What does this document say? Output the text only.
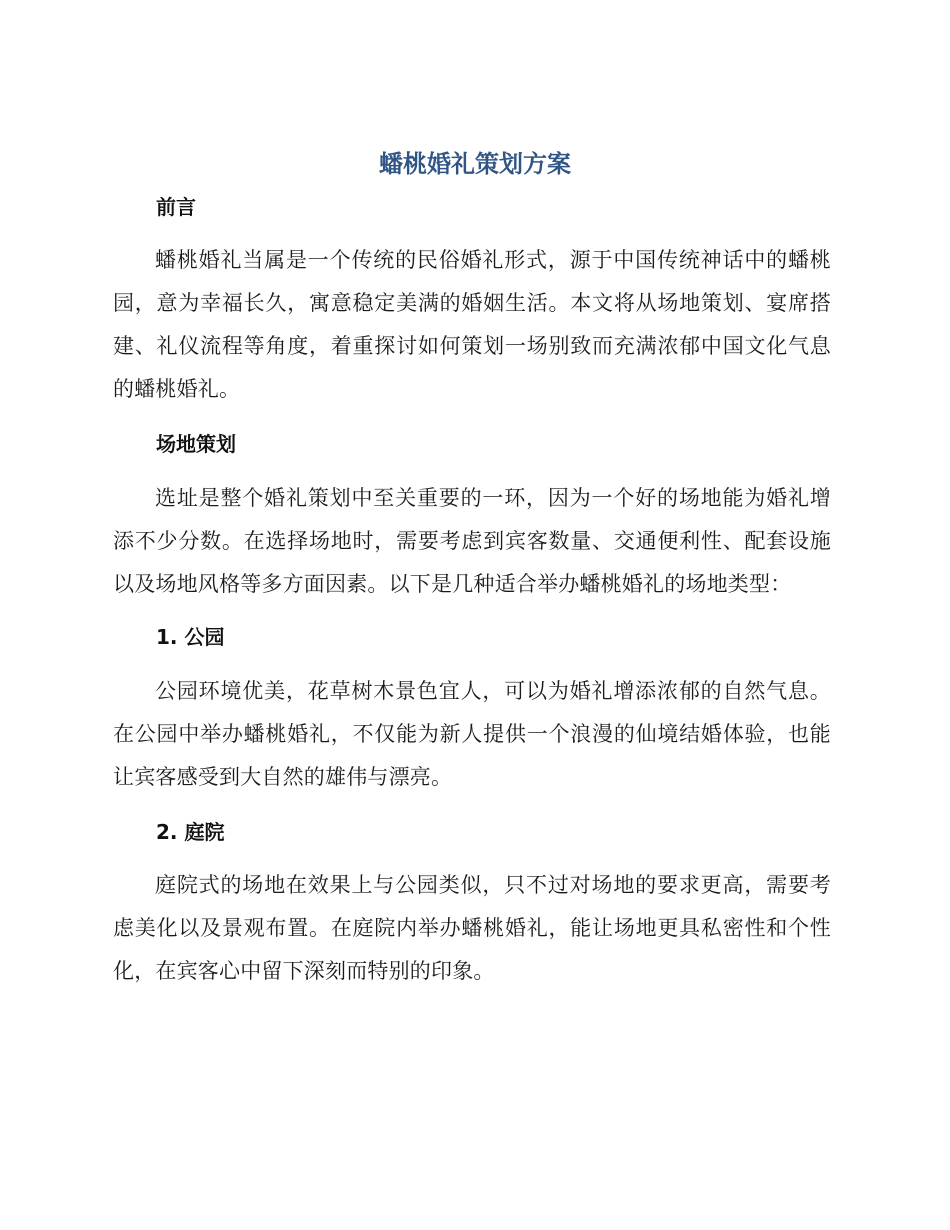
蟠桃婚礼策划方案
前言

蟠桃婚礼当属是一个传统的民俗婚礼形式，源于中国传统神话中的蟠桃园，意为幸福长久，寓意稳定美满的婚姻生活。本文将从场地策划、宴席搭建、礼仪流程等角度，着重探讨如何策划一场别致而充满浓郁中国文化气息的蟠桃婚礼。

场地策划

选址是整个婚礼策划中至关重要的一环，因为一个好的场地能为婚礼增添不少分数。在选择场地时，需要考虑到宾客数量、交通便利性、配套设施以及场地风格等多方面因素。以下是几种适合举办蟠桃婚礼的场地类型：

1. 公园

公园环境优美，花草树木景色宜人，可以为婚礼增添浓郁的自然气息。在公园中举办蟠桃婚礼，不仅能为新人提供一个浪漫的仙境结婚体验，也能让宾客感受到大自然的雄伟与漂亮。

2. 庭院

庭院式的场地在效果上与公园类似，只不过对场地的要求更高，需要考虑美化以及景观布置。在庭院内举办蟠桃婚礼，能让场地更具私密性和个性化，在宾客心中留下深刻而特别的印象。
